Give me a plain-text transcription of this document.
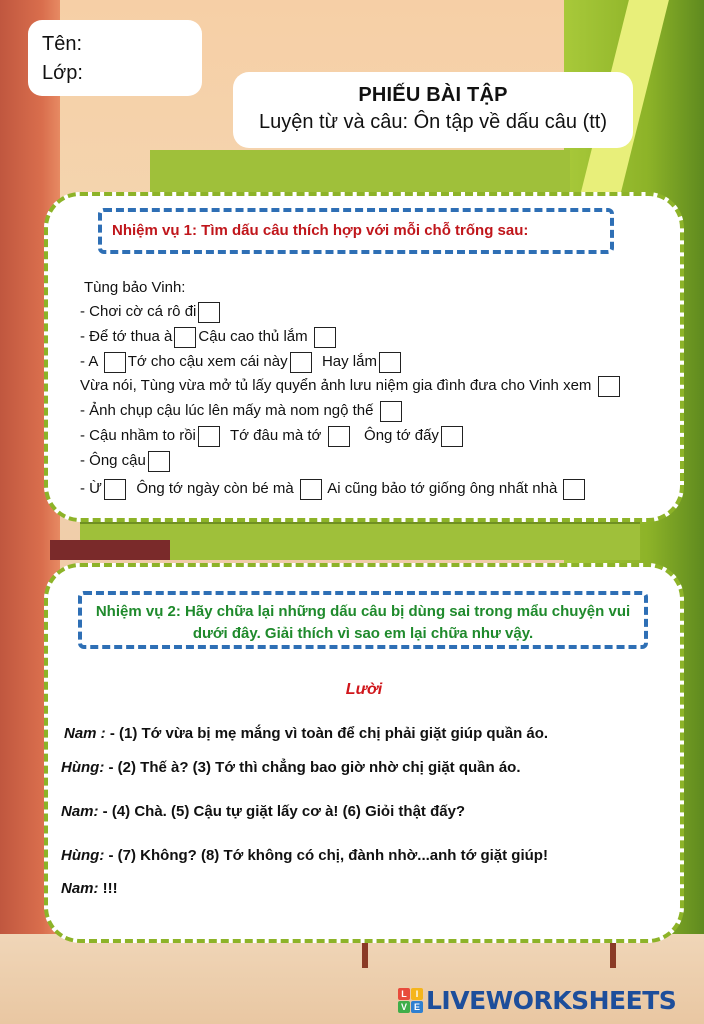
Tên:
Lớp:
PHIẾU BÀI TẬP
Luyện từ và câu: Ôn tập về dấu câu (tt)
Nhiệm vụ 1: Tìm dấu câu thích hợp với mỗi chỗ trống sau:
Tùng bảo Vinh:
- Chơi cờ cá rô đi
- Để tớ thua à Cậu cao thủ lắm
- A Tớ cho cậu xem cái này Hay lắm
Vừa nói, Tùng vừa mở tủ lấy quyển ảnh lưu niệm gia đình đưa cho Vinh xem
- Ảnh chụp cậu lúc lên mấy mà nom ngộ thế
- Cậu nhầm to rồi Tớ đâu mà tớ	Ông tớ đấy
- Ông cậu
- Ừ Ông tớ ngày còn bé mà Ai cũng bảo tớ giống ông nhất nhà
Nhiệm vụ 2: Hãy chữa lại những dấu câu bị dùng sai trong mẩu chuyện vui dưới đây. Giải thích vì sao em lại chữa như vậy.
Lười
Nam : - (1) Tớ vừa bị mẹ mắng vì toàn để chị phải giặt giúp quần áo.
Hùng: - (2) Thế à? (3) Tớ thì chẳng bao giờ nhờ chị giặt quần áo.
Nam: - (4) Chà. (5) Cậu tự giặt lấy cơ à! (6) Giỏi thật đấy?
Hùng: - (7) Không? (8) Tớ không có chị, đành nhờ...anh tớ giặt giúp!
Nam: !!!
L I
V E LIVEWORKSHEETS
